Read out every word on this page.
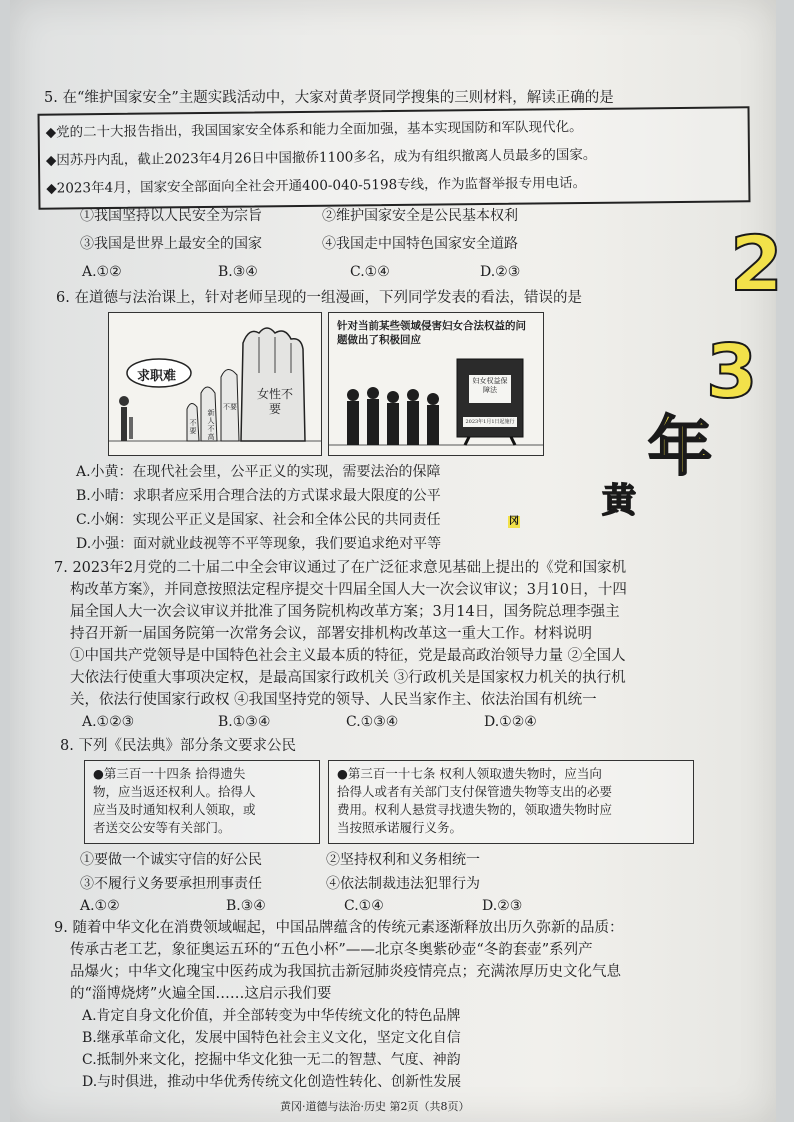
5. 在“维护国家安全”主题实践活动中，大家对黄孝贤同学搜集的三则材料，解读正确的是
◆党的二十大报告指出，我国国家安全体系和能力全面加强，基本实现国防和军队现代化。
◆因苏丹内乱，截止2023年4月26日中国撤侨1100多名，成为有组织撤离人员最多的国家。
◆2023年4月，国家安全部面向全社会开通400-040-5198专线，作为监督举报专用电话。
①我国坚持以人民安全为宗旨	②维护国家安全是公民基本权利
③我国是世界上最安全的国家	④我国走中国特色国家安全道路
A.①②	B.③④	C.①④	D.②③
6. 在道德与法治课上，针对老师呈现的一组漫画，下列同学发表的看法，错误的是
求职难
新人不高
不要
不要
女性不要
针对当前某些领域侵害妇女合法权益的问题做出了积极回应
妇女权益保障法
2023年1月1日起施行
A.小黄：在现代社会里，公平正义的实现，需要法治的保障
B.小晴：求职者应采用合理合法的方式谋求最大限度的公平
C.小娴：实现公平正义是国家、社会和全体公民的共同责任
D.小强：面对就业歧视等不平等现象，我们要追求绝对平等
7. 2023年2月党的二十届二中全会审议通过了在广泛征求意见基础上提出的《党和国家机
构改革方案》，并同意按照法定程序提交十四届全国人大一次会议审议；3月10日，十四
届全国人大一次会议审议并批准了国务院机构改革方案；3月14日，国务院总理李强主
持召开新一届国务院第一次常务会议，部署安排机构改革这一重大工作。材料说明
①中国共产党领导是中国特色社会主义最本质的特征，党是最高政治领导力量 ②全国人
大依法行使重大事项决定权，是最高国家行政机关 ③行政机关是国家权力机关的执行机
关，依法行使国家行政权 ④我国坚持党的领导、人民当家作主、依法治国有机统一
A.①②③	B.①③④	C.①③④	D.①②④
8. 下列《民法典》部分条文要求公民
●第三百一十四条 拾得遗失
物，应当返还权利人。拾得人
应当及时通知权利人领取，或
者送交公安等有关部门。
●第三百一十七条 权利人领取遗失物时，应当向
拾得人或者有关部门支付保管遗失物等支出的必要
费用。权利人悬赏寻找遗失物的，领取遗失物时应
当按照承诺履行义务。
①要做一个诚实守信的好公民	②坚持权利和义务相统一
③不履行义务要承担刑事责任	④依法制裁违法犯罪行为
A.①②	B.③④	C.①④	D.②③
9. 随着中华文化在消费领域崛起，中国品牌蕴含的传统元素逐渐释放出历久弥新的品质：
传承古老工艺，象征奥运五环的“五色小杯”——北京冬奥紫砂壶“冬韵套壶”系列产
品爆火；中华文化瑰宝中医药成为我国抗击新冠肺炎疫情亮点；充满浓厚历史文化气息
的“淄博烧烤”火遍全国……这启示我们要
A.肯定自身文化价值，并全部转变为中华传统文化的特色品牌
B.继承革命文化，发展中国特色社会主义文化，坚定文化自信
C.抵制外来文化，挖掘中华文化独一无二的智慧、气度、神韵
D.与时俱进，推动中华优秀传统文化创造性转化、创新性发展
黄冈·道德与法治·历史 第2页（共8页）
2
3
年
黄
冈
